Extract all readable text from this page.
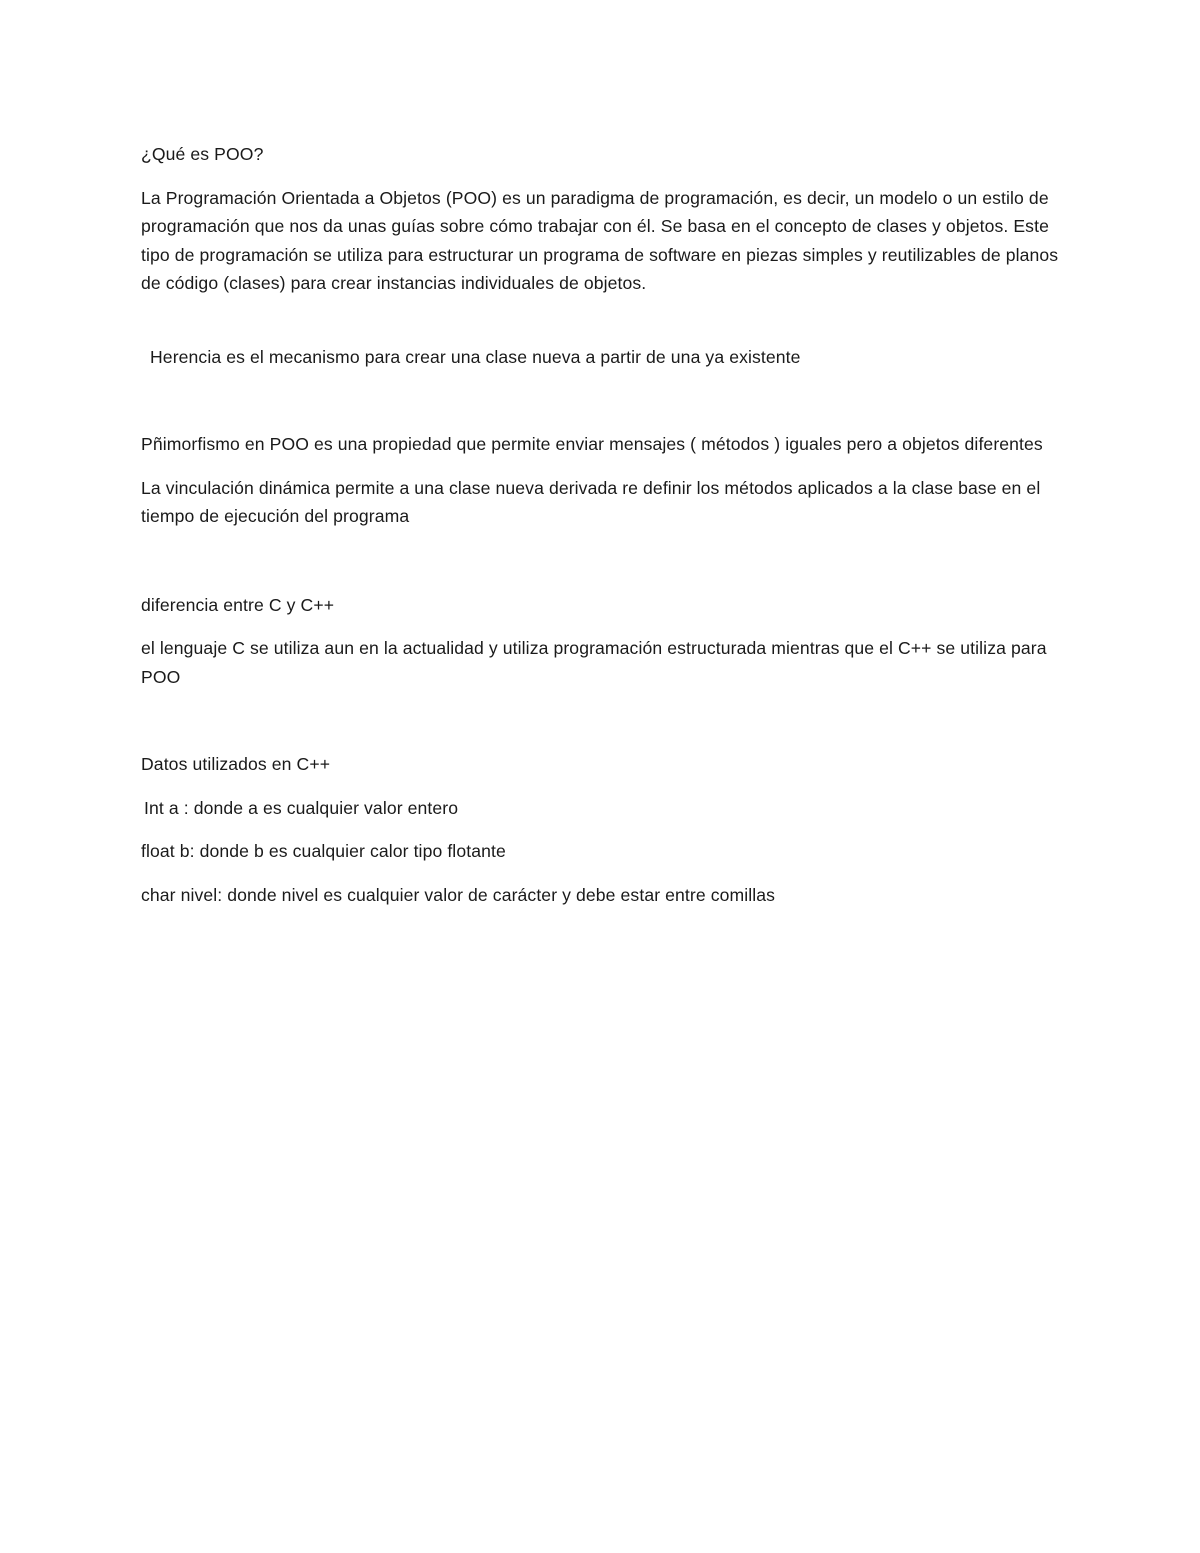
¿Qué es POO?

La Programación Orientada a Objetos (POO) es un paradigma de programación, es decir, un modelo o un estilo de programación que nos da unas guías sobre cómo trabajar con él. Se basa en el concepto de clases y objetos. Este tipo de programación se utiliza para estructurar un programa de software en piezas simples y reutilizables de planos de código (clases) para crear instancias individuales de objetos.

Herencia es el mecanismo para crear una clase nueva a partir de una ya existente

Pñimorfismo en POO es una propiedad que permite enviar mensajes ( métodos ) iguales pero a objetos diferentes

La vinculación dinámica permite a una clase nueva derivada re definir los métodos aplicados a la clase base en el tiempo de ejecución del programa

diferencia entre C y C++

el lenguaje C se utiliza aun en la actualidad y utiliza programación estructurada mientras que el C++ se utiliza para POO

Datos utilizados en C++

Int a : donde a es cualquier valor entero

float b: donde b es cualquier calor tipo flotante

char nivel: donde nivel es cualquier valor de carácter y debe estar entre comillas
